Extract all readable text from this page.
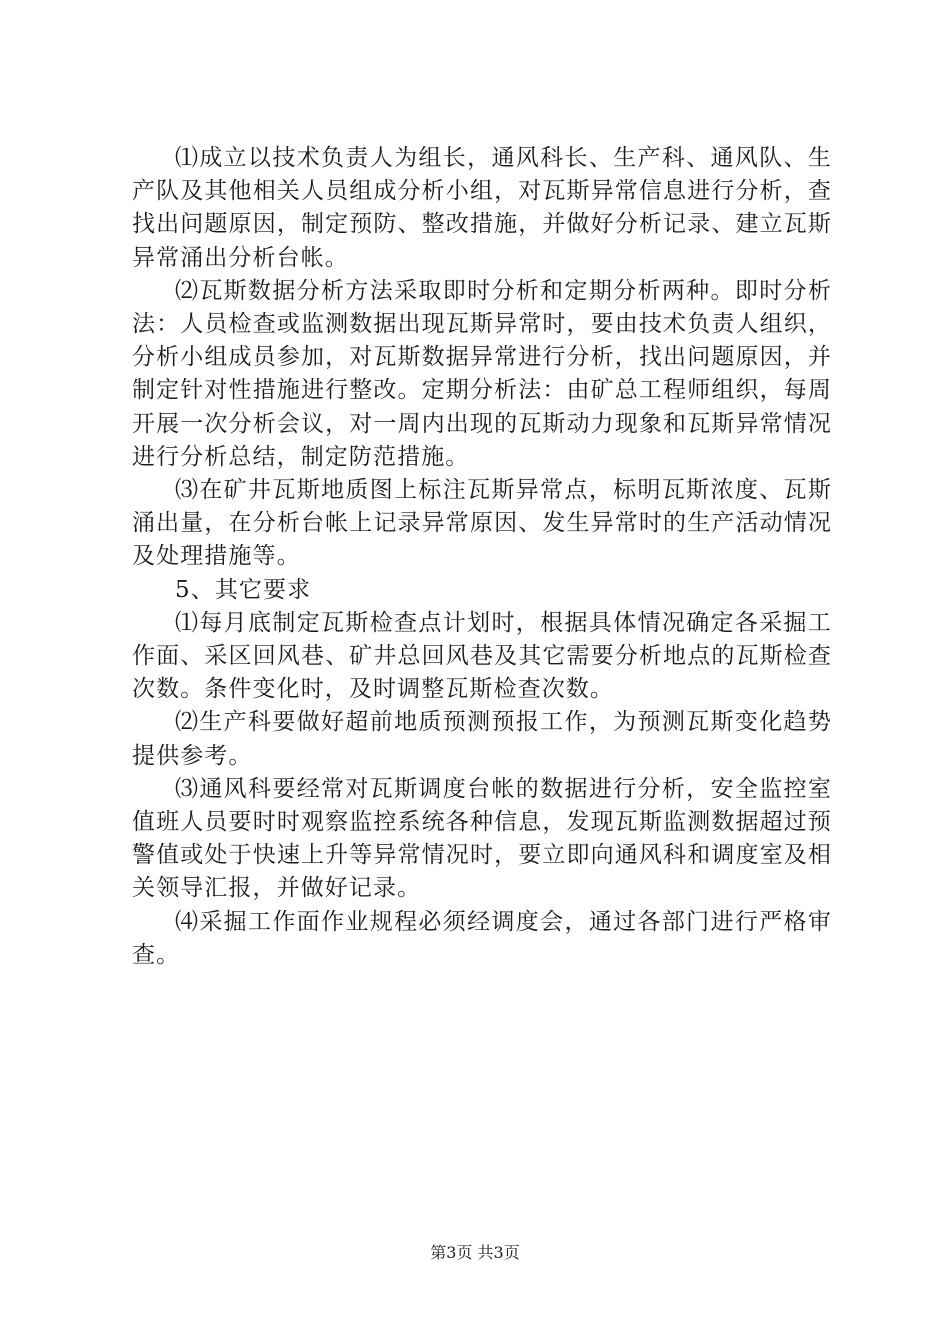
⑴成立以技术负责人为组长，通风科长、生产科、通风队、生产队及其他相关人员组成分析小组，对瓦斯异常信息进行分析，查找出问题原因，制定预防、整改措施，并做好分析记录、建立瓦斯异常涌出分析台帐。

⑵瓦斯数据分析方法采取即时分析和定期分析两种。即时分析法：人员检查或监测数据出现瓦斯异常时，要由技术负责人组织，分析小组成员参加，对瓦斯数据异常进行分析，找出问题原因，并制定针对性措施进行整改。定期分析法：由矿总工程师组织，每周开展一次分析会议，对一周内出现的瓦斯动力现象和瓦斯异常情况进行分析总结，制定防范措施。

⑶在矿井瓦斯地质图上标注瓦斯异常点，标明瓦斯浓度、瓦斯涌出量，在分析台帐上记录异常原因、发生异常时的生产活动情况及处理措施等。

5、其它要求

⑴每月底制定瓦斯检查点计划时，根据具体情况确定各采掘工作面、采区回风巷、矿井总回风巷及其它需要分析地点的瓦斯检查次数。条件变化时，及时调整瓦斯检查次数。

⑵生产科要做好超前地质预测预报工作，为预测瓦斯变化趋势提供参考。

⑶通风科要经常对瓦斯调度台帐的数据进行分析，安全监控室值班人员要时时观察监控系统各种信息，发现瓦斯监测数据超过预警值或处于快速上升等异常情况时，要立即向通风科和调度室及相关领导汇报，并做好记录。

⑷采掘工作面作业规程必须经调度会，通过各部门进行严格审查。

第3页 共3页
